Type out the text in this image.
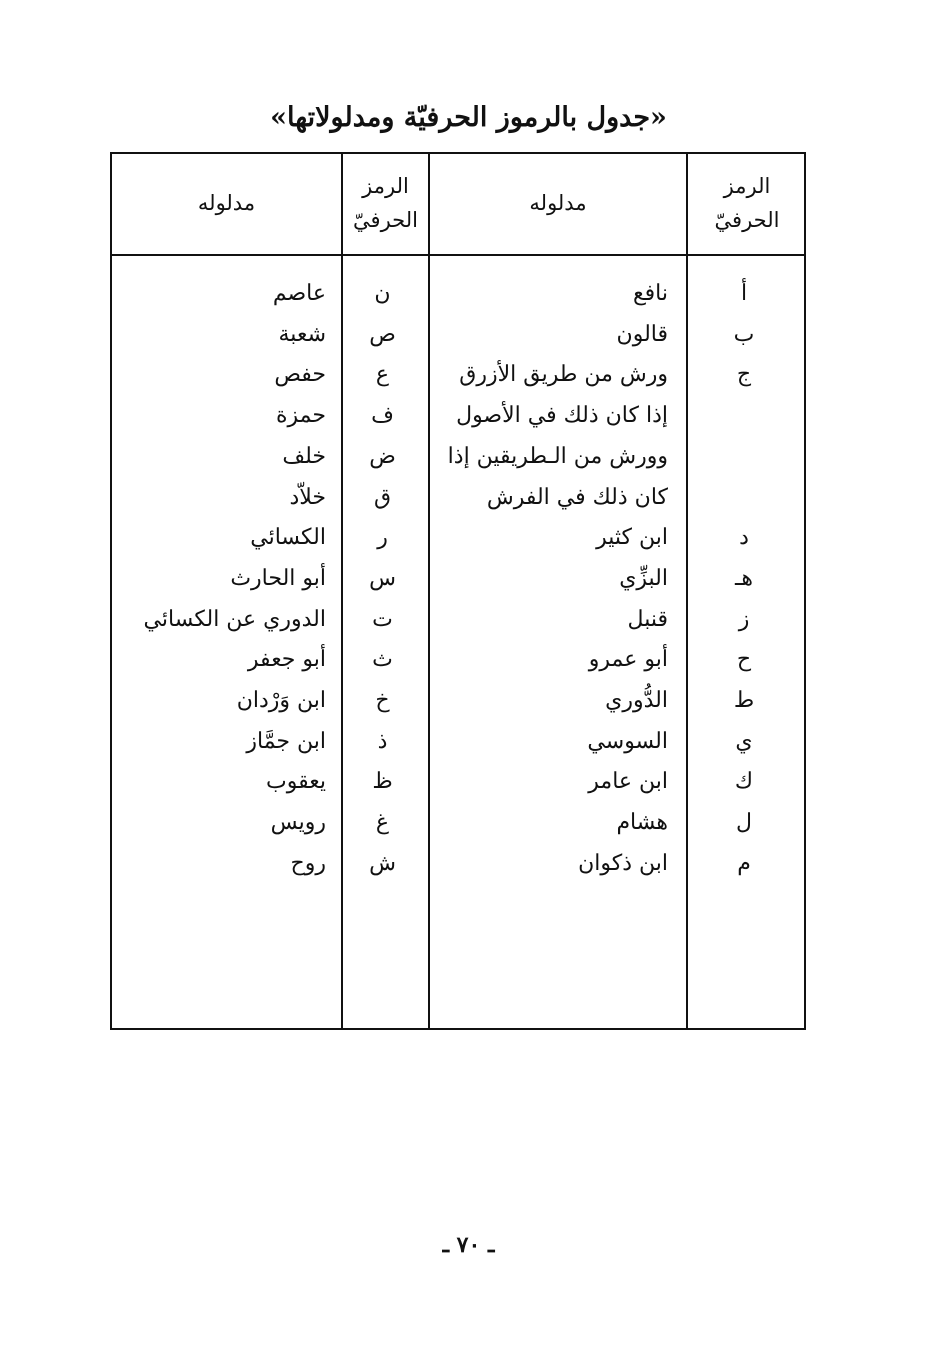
«جدول بالرموز الحرفيّة ومدلولاتها»
الرمز
الحرفيّ
مدلوله
الرمز
الحرفيّ
مدلوله
أ
نافع
ن
عاصم
ب
قالون
ص
شعبة
ج
ورش من طريق الأزرق
ع
حفص
إذا كان ذلك في الأصول
ف
حمزة
وورش من الـطريقين إذا
ض
خلف
كان ذلك في الفرش
ق
خلاّد
د
ابن كثير
ر
الكسائي
هـ
البزِّي
س
أبو الحارث
ز
قنبل
ت
الدوري عن الكسائي
ح
أبو عمرو
ث
أبو جعفر
ط
الدُّوري
خ
ابن وَرْدان
ي
السوسي
ذ
ابن جمَّاز
ك
ابن عامر
ظ
يعقوب
ل
هشام
غ
رويس
م
ابن ذكوان
ش
روح
ـ ٧٠ ـ
